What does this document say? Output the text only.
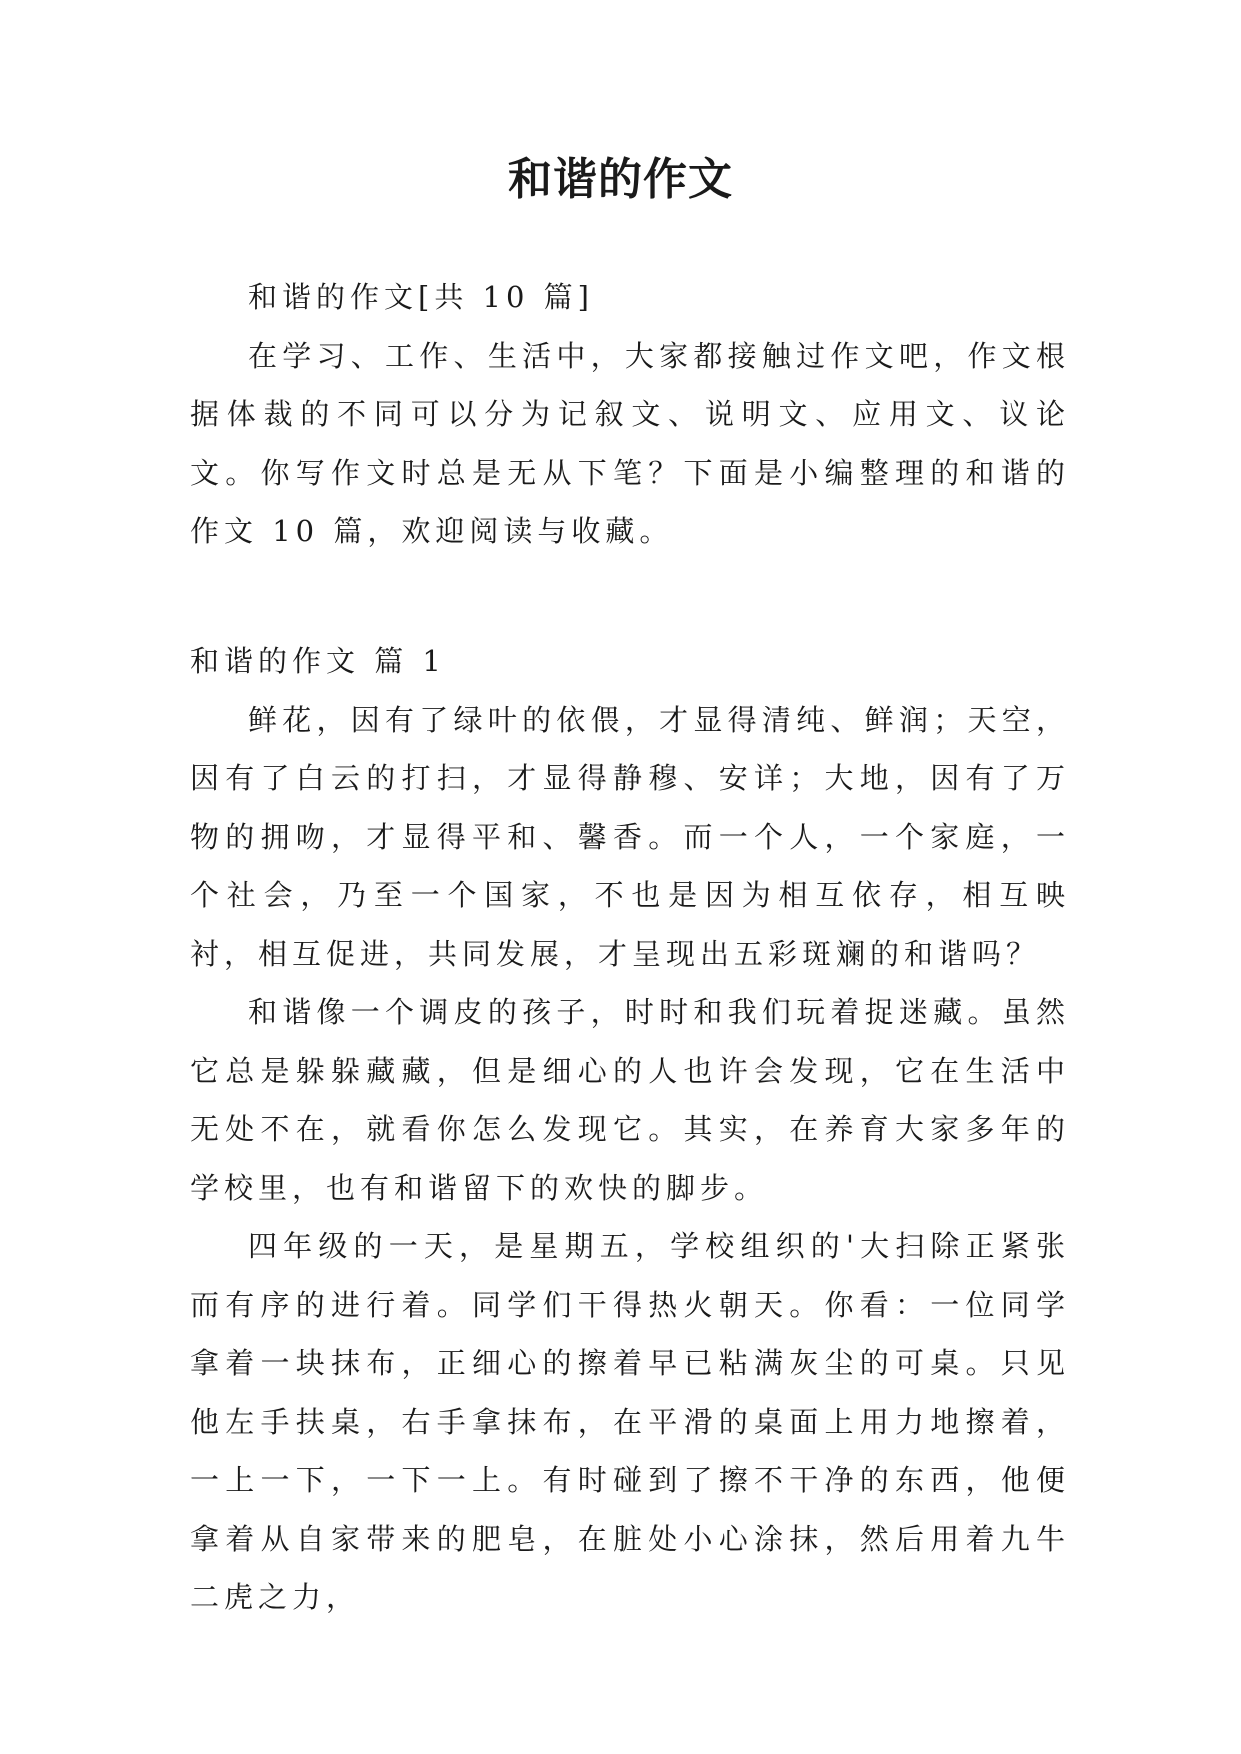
和谐的作文

和谐的作文[共 10 篇]

在学习、工作、生活中，大家都接触过作文吧，作文根据体裁的不同可以分为记叙文、说明文、应用文、议论文。你写作文时总是无从下笔？下面是小编整理的和谐的作文 10 篇，欢迎阅读与收藏。

和谐的作文 篇 1

鲜花，因有了绿叶的依偎，才显得清纯、鲜润；天空，因有了白云的打扫，才显得静穆、安详；大地，因有了万物的拥吻，才显得平和、馨香。而一个人，一个家庭，一个社会，乃至一个国家，不也是因为相互依存，相互映衬，相互促进，共同发展，才呈现出五彩斑斓的和谐吗？

和谐像一个调皮的孩子，时时和我们玩着捉迷藏。虽然它总是躲躲藏藏，但是细心的人也许会发现，它在生活中无处不在，就看你怎么发现它。其实，在养育大家多年的学校里，也有和谐留下的欢快的脚步。

四年级的一天，是星期五，学校组织的'大扫除正紧张而有序的进行着。同学们干得热火朝天。你看：一位同学拿着一块抹布，正细心的擦着早已粘满灰尘的可桌。只见他左手扶桌，右手拿抹布，在平滑的桌面上用力地擦着，一上一下，一下一上。有时碰到了擦不干净的东西，他便拿着从自家带来的肥皂，在脏处小心涂抹，然后用着九牛二虎之力，
